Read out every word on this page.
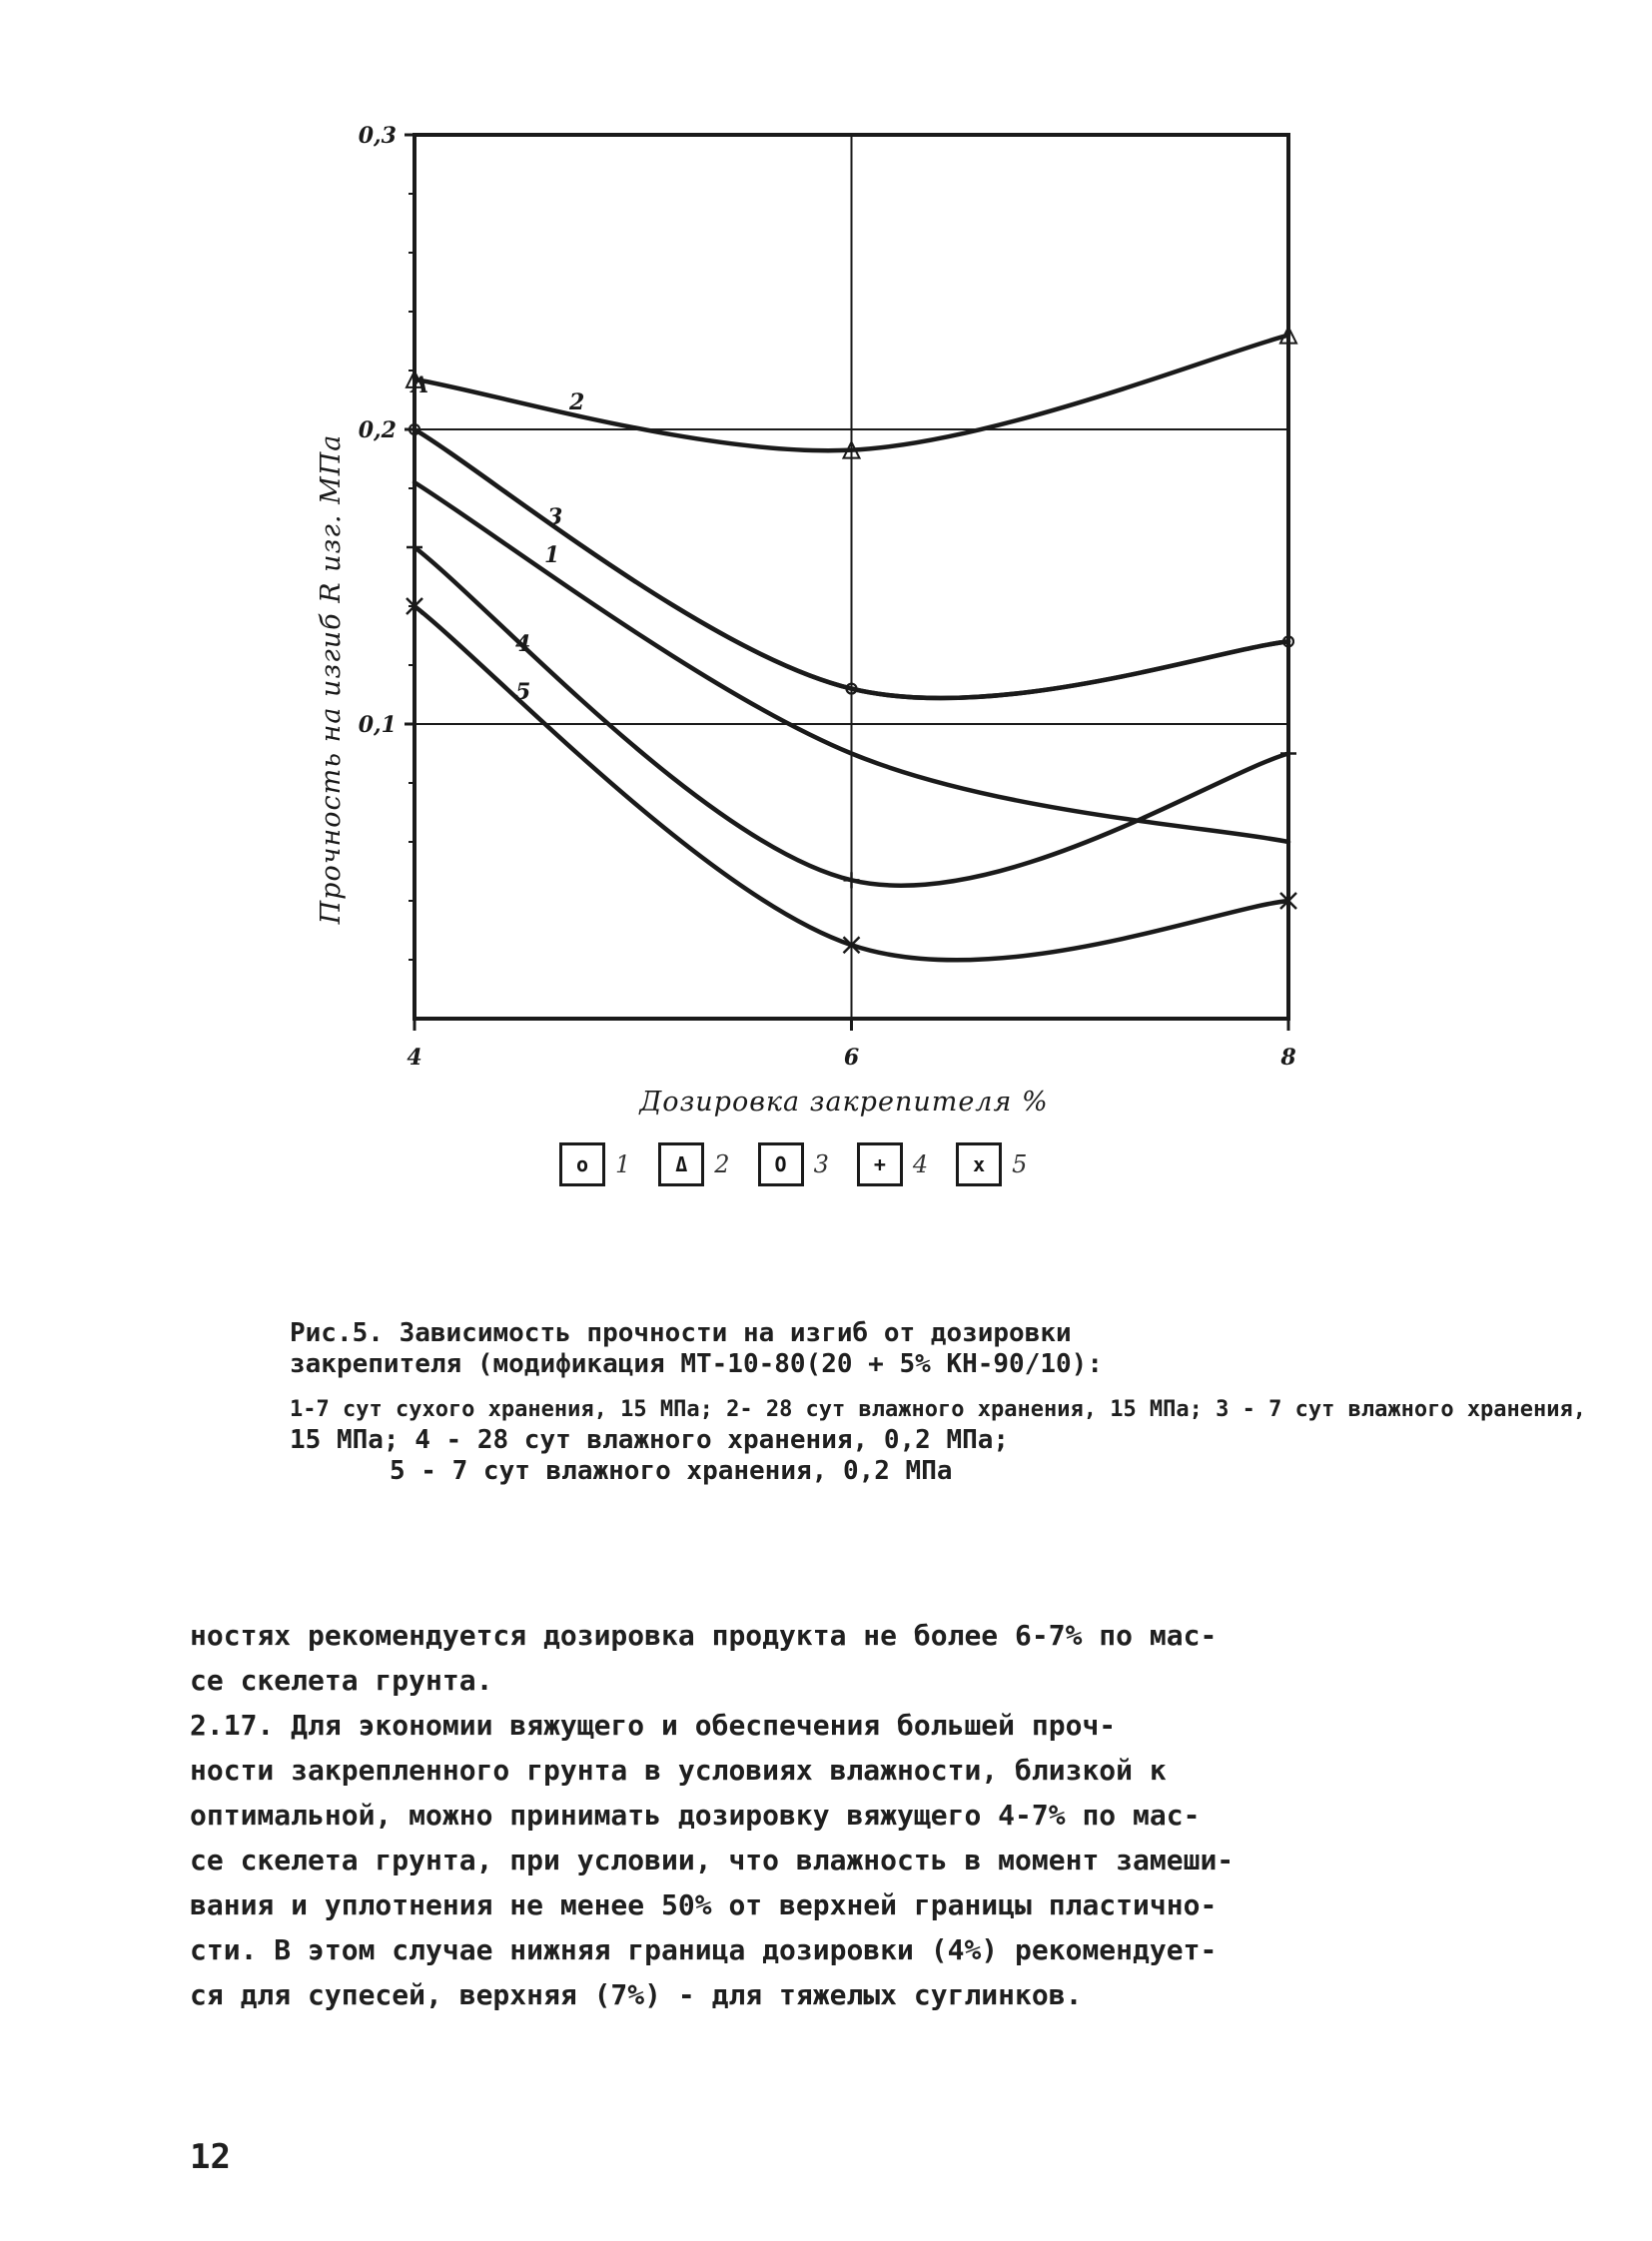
4	6	8
0,1
0,2
0,3
2
3
1
4
5
Λ
Дозировка закрепителя %
Прочность на изгиб R изг. МПа
o	1	Δ	2	О	3	+	4	x	5
Рис.5. Зависимость прочности на изгиб от дозировки
закрепителя (модификация МТ-10-80(20 + 5% КН-90/10):
1-7 сут сухого хранения, 15 МПа; 2- 28 сут влажного хранения, 15 МПа; 3 - 7 сут влажного хранения,
15 МПа; 4 - 28 сут влажного хранения, 0,2 МПа;
5 - 7 сут влажного хранения, 0,2 МПа
ностях рекомендуется дозировка продукта не более 6-7% по мас-
се скелета грунта.
2.17. Для экономии вяжущего и обеспечения большей проч-
ности закрепленного грунта в условиях влажности, близкой к
оптимальной, можно принимать дозировку вяжущего 4-7% по мас-
се скелета грунта, при условии, что влажность в момент замеши-
вания и уплотнения не менее 50% от верхней границы пластично-
сти. В этом случае нижняя граница дозировки (4%) рекомендует-
ся для супесей, верхняя (7%) - для тяжелых суглинков.
12
